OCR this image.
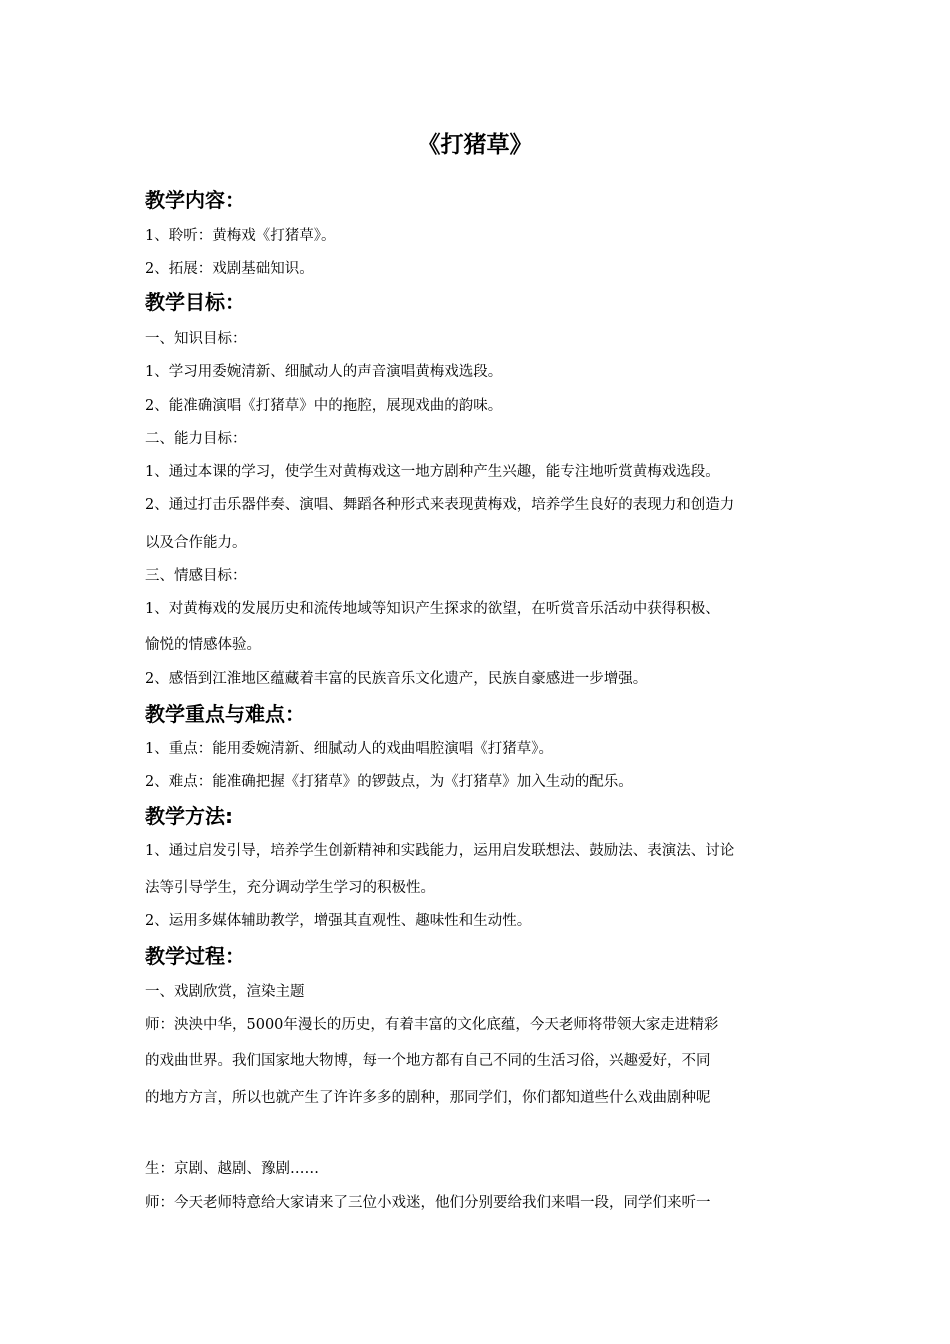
《打猪草》
教学内容：
1、聆听：黄梅戏《打猪草》。
2、拓展：戏剧基础知识。
教学目标：
一、知识目标：
1、学习用委婉清新、细腻动人的声音演唱黄梅戏选段。
2、能准确演唱《打猪草》中的拖腔，展现戏曲的韵味。
二、能力目标：
1、通过本课的学习，使学生对黄梅戏这一地方剧种产生兴趣，能专注地听赏黄梅戏选段。
2、通过打击乐器伴奏、演唱、舞蹈各种形式来表现黄梅戏，培养学生良好的表现力和创造力
以及合作能力。
三、情感目标：
1、对黄梅戏的发展历史和流传地域等知识产生探求的欲望，在听赏音乐活动中获得积极、
愉悦的情感体验。
2、感悟到江淮地区蕴藏着丰富的民族音乐文化遗产，民族自豪感进一步增强。
教学重点与难点：
1、重点：能用委婉清新、细腻动人的戏曲唱腔演唱《打猪草》。
2、难点：能准确把握《打猪草》的锣鼓点，为《打猪草》加入生动的配乐。
教学方法:
1、通过启发引导，培养学生创新精神和实践能力，运用启发联想法、鼓励法、表演法、讨论
法等引导学生，充分调动学生学习的积极性。
2、运用多媒体辅助教学，增强其直观性、趣味性和生动性。
教学过程：
一、戏剧欣赏，渲染主题
师：泱泱中华，5000年漫长的历史，有着丰富的文化底蕴，今天老师将带领大家走进精彩
的戏曲世界。我们国家地大物博，每一个地方都有自己不同的生活习俗，兴趣爱好，不同
的地方方言，所以也就产生了许许多多的剧种，那同学们，你们都知道些什么戏曲剧种呢
生：京剧、越剧、豫剧……
师：今天老师特意给大家请来了三位小戏迷，他们分别要给我们来唱一段，同学们来听一
